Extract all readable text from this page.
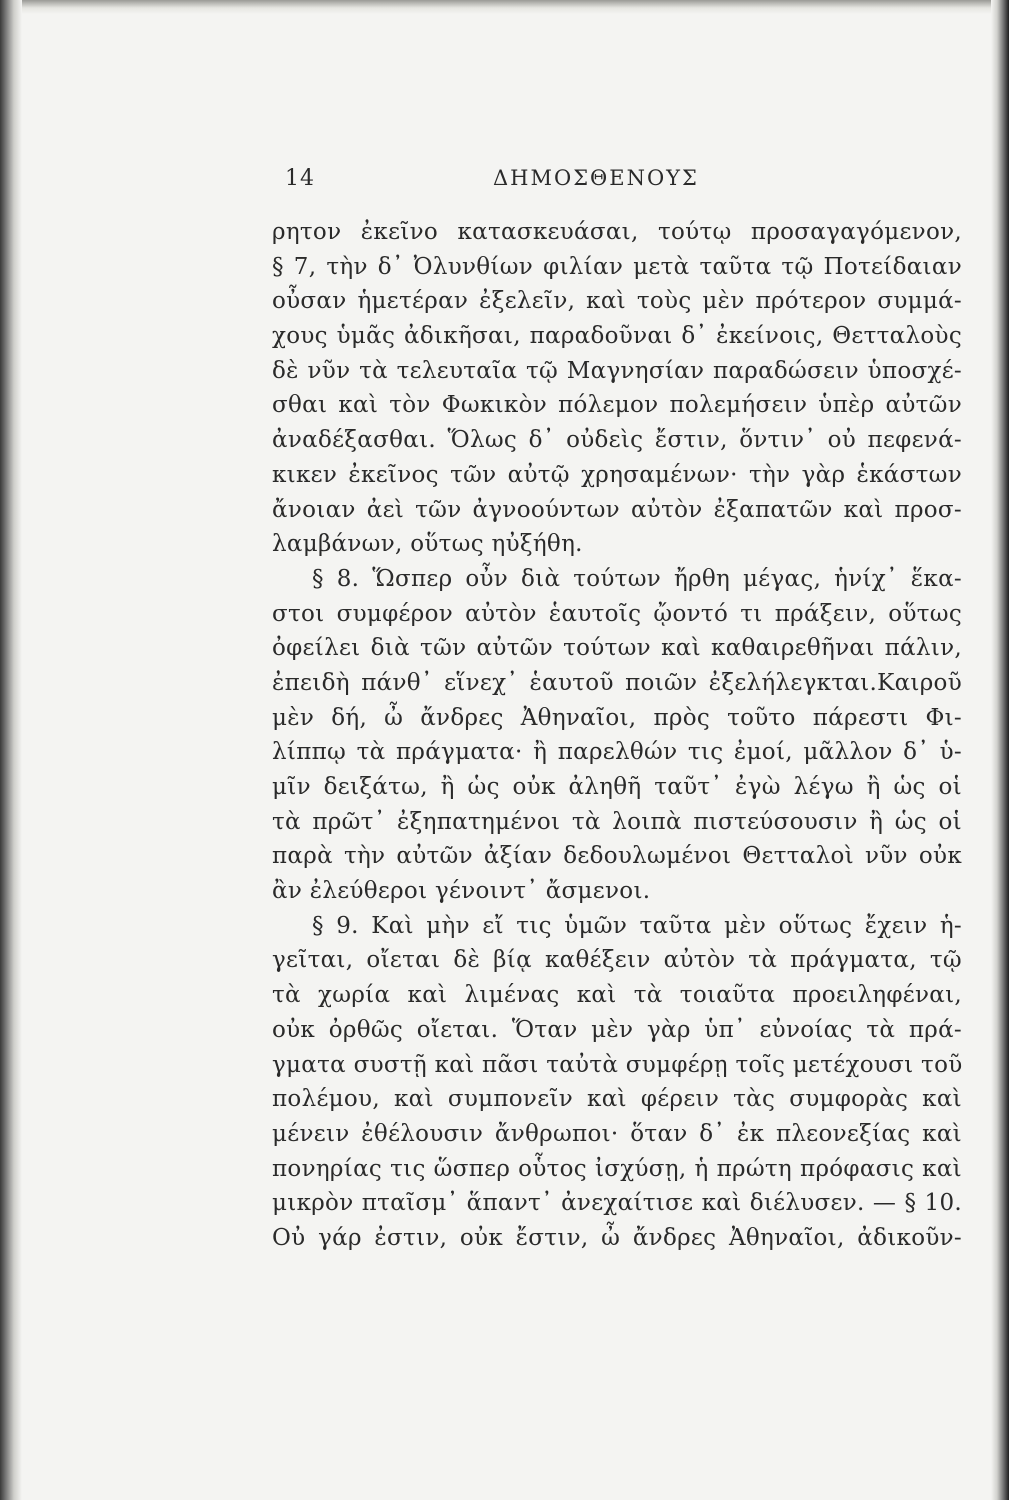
14	ΔΗΜΟΣΘΕΝΟΥΣ
ρητον ἐκεῖνο κατασκευάσαι, τούτῳ προσαγαγόμενον,
§ 7, τὴν δ᾽ Ὀλυνθίων φιλίαν μετὰ ταῦτα τῷ Ποτείδαιαν
οὖσαν ἡμετέραν ἐξελεῖν, καὶ τοὺς μὲν πρότερον συμμά-
χους ὑμᾶς ἀδικῆσαι, παραδοῦναι δ᾽ ἐκείνοις, Θετταλοὺς
δὲ νῦν τὰ τελευταῖα τῷ Μαγνησίαν παραδώσειν ὑποσχέ-
σθαι καὶ τὸν Φωκικὸν πόλεμον πολεμήσειν ὑπὲρ αὐτῶν
ἀναδέξασθαι. Ὅλως δ᾽ οὐδεὶς ἔστιν, ὅντιν᾽ οὐ πεφενά-
κικεν ἐκεῖνος τῶν αὐτῷ χρησαμένων· τὴν γὰρ ἑκάστων
ἄνοιαν ἀεὶ τῶν ἀγνοούντων αὐτὸν ἐξαπατῶν καὶ προσ-
λαμβάνων, οὕτως ηὐξήθη.
§ 8. Ὥσπερ οὖν διὰ τούτων ἤρθη μέγας, ἡνίχ᾽ ἕκα-
στοι συμφέρον αὐτὸν ἑαυτοῖς ᾤοντό τι πράξειν, οὕτως
ὀφείλει διὰ τῶν αὐτῶν τούτων καὶ καθαιρεθῆναι πάλιν,
ἐπειδὴ πάνθ᾽ εἵνεχ᾽ ἑαυτοῦ ποιῶν ἐξελήλεγκται.Καιροῦ
μὲν δή, ὦ ἄνδρες Ἀθηναῖοι, πρὸς τοῦτο πάρεστι Φι-
λίππῳ τὰ πράγματα· ἢ παρελθών τις ἐμοί, μᾶλλον δ᾽ ὑ-
μῖν δειξάτω, ἢ ὡς οὐκ ἀληθῆ ταῦτ᾽ ἐγὼ λέγω ἢ ὡς οἱ
τὰ πρῶτ᾽ ἐξηπατημένοι τὰ λοιπὰ πιστεύσουσιν ἢ ὡς οἱ
παρὰ τὴν αὐτῶν ἀξίαν δεδουλωμένοι Θετταλοὶ νῦν οὐκ
ἂν ἐλεύθεροι γένοιντ᾽ ἄσμενοι.
§ 9. Καὶ μὴν εἴ τις ὑμῶν ταῦτα μὲν οὕτως ἔχειν ἡ-
γεῖται, οἴεται δὲ βίᾳ καθέξειν αὐτὸν τὰ πράγματα, τῷ
τὰ χωρία καὶ λιμένας καὶ τὰ τοιαῦτα προειληφέναι,
οὐκ ὀρθῶς οἴεται. Ὅταν μὲν γὰρ ὑπ᾽ εὐνοίας τὰ πρά-
γματα συστῇ καὶ πᾶσι ταὐτὰ συμφέρῃ τοῖς μετέχουσι τοῦ
πολέμου, καὶ συμπονεῖν καὶ φέρειν τὰς συμφορὰς καὶ
μένειν ἐθέλουσιν ἄνθρωποι· ὅταν δ᾽ ἐκ πλεονεξίας καὶ
πονηρίας τις ὥσπερ οὗτος ἰσχύσῃ, ἡ πρώτη πρόφασις καὶ
μικρὸν πταῖσμ᾽ ἅπαντ᾽ ἀνεχαίτισε καὶ διέλυσεν. — § 10.
Οὐ γάρ ἐστιν, οὐκ ἔστιν, ὦ ἄνδρες Ἀθηναῖοι, ἀδικοῦν-
